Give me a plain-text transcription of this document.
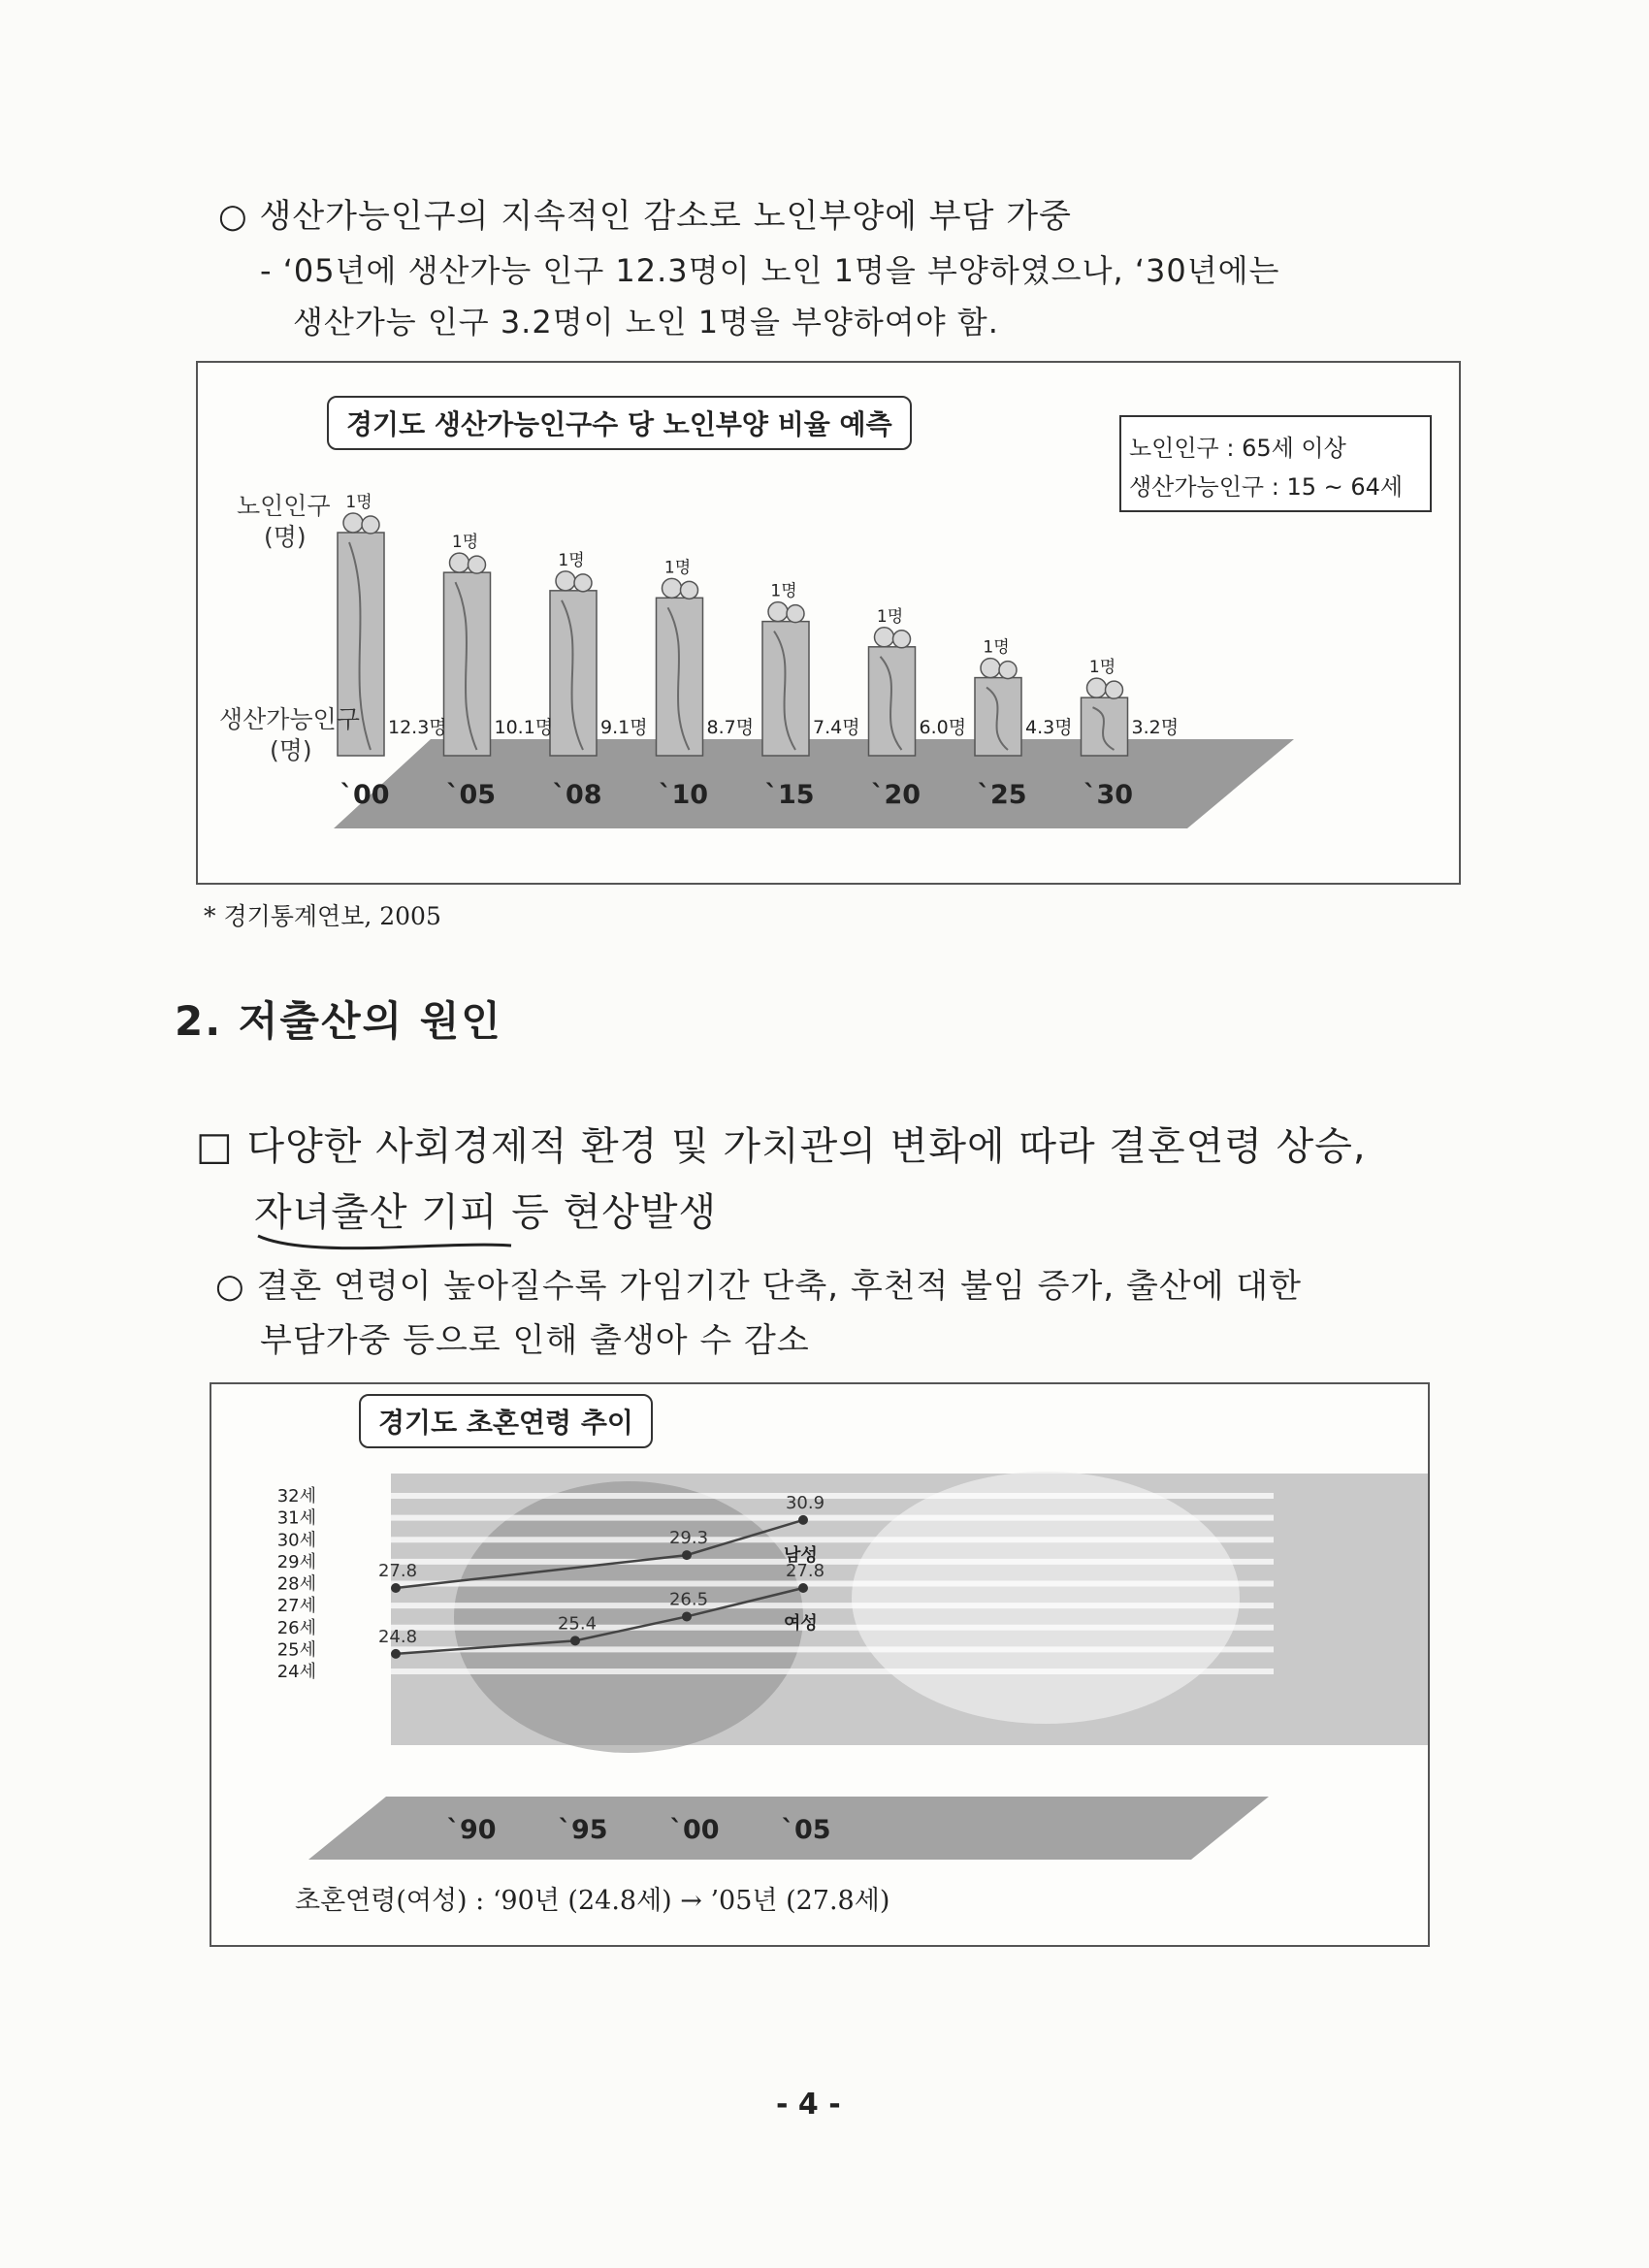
○ 생산가능인구의 지속적인 감소로 노인부양에 부담 가중
- ‘05년에 생산가능 인구 12.3명이 노인 1명을 부양하였으나, ‘30년에는
생산가능 인구 3.2명이 노인 1명을 부양하여야 함.
1명
12.3명
1명
10.1명
1명
9.1명
1명
8.7명
1명
7.4명
1명
6.0명
1명
4.3명
1명
3.2명
`00 `05 `08 `10 `15 `20 `25 `30
경기도 생산가능인구수 당 노인부양 비율 예측
노인인구 : 65세 이상
생산가능인구 : 15 ~ 64세
노인인구
(명)
생산가능인구
(명)
* 경기통계연보, 2005
2. 저출산의 원인
□ 다양한 사회경제적 환경 및 가치관의 변화에 따라 결혼연령 상승,
자녀출산 기피 등 현상발생
○ 결혼 연령이 높아질수록 가임기간 단축, 후천적 불임 증가, 출산에 대한
부담가중 등으로 인해 출생아 수 감소
24세
25세
26세
27세
28세
29세
30세
31세
32세
27.8
29.3
30.9
24.8
25.4
26.5
27.8
`90 `95 `00 `05
남성
여성
경기도 초혼연령 추이
초혼연령(여성) : ‘90년 (24.8세) → ’05년 (27.8세)
- 4 -
